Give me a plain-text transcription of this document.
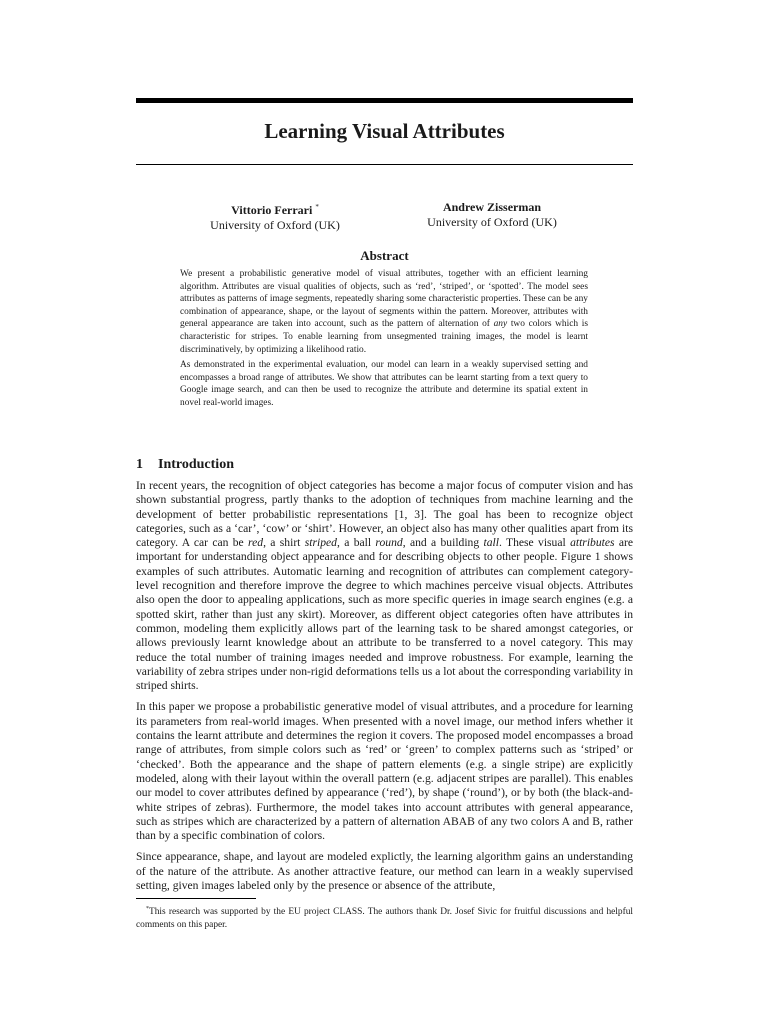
Learning Visual Attributes
Vittorio Ferrari *
University of Oxford (UK)
Andrew Zisserman
University of Oxford (UK)
Abstract

We present a probabilistic generative model of visual attributes, together with an efficient learning algorithm. Attributes are visual qualities of objects, such as ‘red’, ‘striped’, or ‘spotted’. The model sees attributes as patterns of image segments, repeatedly sharing some characteristic properties. These can be any combination of appearance, shape, or the layout of segments within the pattern. Moreover, attributes with general appearance are taken into account, such as the pattern of alternation of any two colors which is characteristic for stripes. To enable learning from unsegmented training images, the model is learnt discriminatively, by optimizing a likelihood ratio.

As demonstrated in the experimental evaluation, our model can learn in a weakly supervised setting and encompasses a broad range of attributes. We show that attributes can be learnt starting from a text query to Google image search, and can then be used to recognize the attribute and determine its spatial extent in novel real-world images.

1 Introduction

In recent years, the recognition of object categories has become a major focus of computer vision and has shown substantial progress, partly thanks to the adoption of techniques from machine learning and the development of better probabilistic representations [1, 3]. The goal has been to recognize object categories, such as a ‘car’, ‘cow’ or ‘shirt’. However, an object also has many other qualities apart from its category. A car can be red, a shirt striped, a ball round, and a building tall. These visual attributes are important for understanding object appearance and for describing objects to other people. Figure 1 shows examples of such attributes. Automatic learning and recognition of attributes can complement category-level recognition and therefore improve the degree to which machines perceive visual objects. Attributes also open the door to appealing applications, such as more specific queries in image search engines (e.g. a spotted skirt, rather than just any skirt). Moreover, as different object categories often have attributes in common, modeling them explicitly allows part of the learning task to be shared amongst categories, or allows previously learnt knowledge about an attribute to be transferred to a novel category. This may reduce the total number of training images needed and improve robustness. For example, learning the variability of zebra stripes under non-rigid deformations tells us a lot about the corresponding variability in striped shirts.

In this paper we propose a probabilistic generative model of visual attributes, and a procedure for learning its parameters from real-world images. When presented with a novel image, our method infers whether it contains the learnt attribute and determines the region it covers. The proposed model encompasses a broad range of attributes, from simple colors such as ‘red’ or ‘green’ to complex patterns such as ‘striped’ or ‘checked’. Both the appearance and the shape of pattern elements (e.g. a single stripe) are explicitly modeled, along with their layout within the overall pattern (e.g. adjacent stripes are parallel). This enables our model to cover attributes defined by appearance (‘red’), by shape (‘round’), or by both (the black-and-white stripes of zebras). Furthermore, the model takes into account attributes with general appearance, such as stripes which are characterized by a pattern of alternation ABAB of any two colors A and B, rather than by a specific combination of colors.

Since appearance, shape, and layout are modeled explictly, the learning algorithm gains an understanding of the nature of the attribute. As another attractive feature, our method can learn in a weakly supervised setting, given images labeled only by the presence or absence of the attribute,

*This research was supported by the EU project CLASS. The authors thank Dr. Josef Sivic for fruitful discussions and helpful comments on this paper.
